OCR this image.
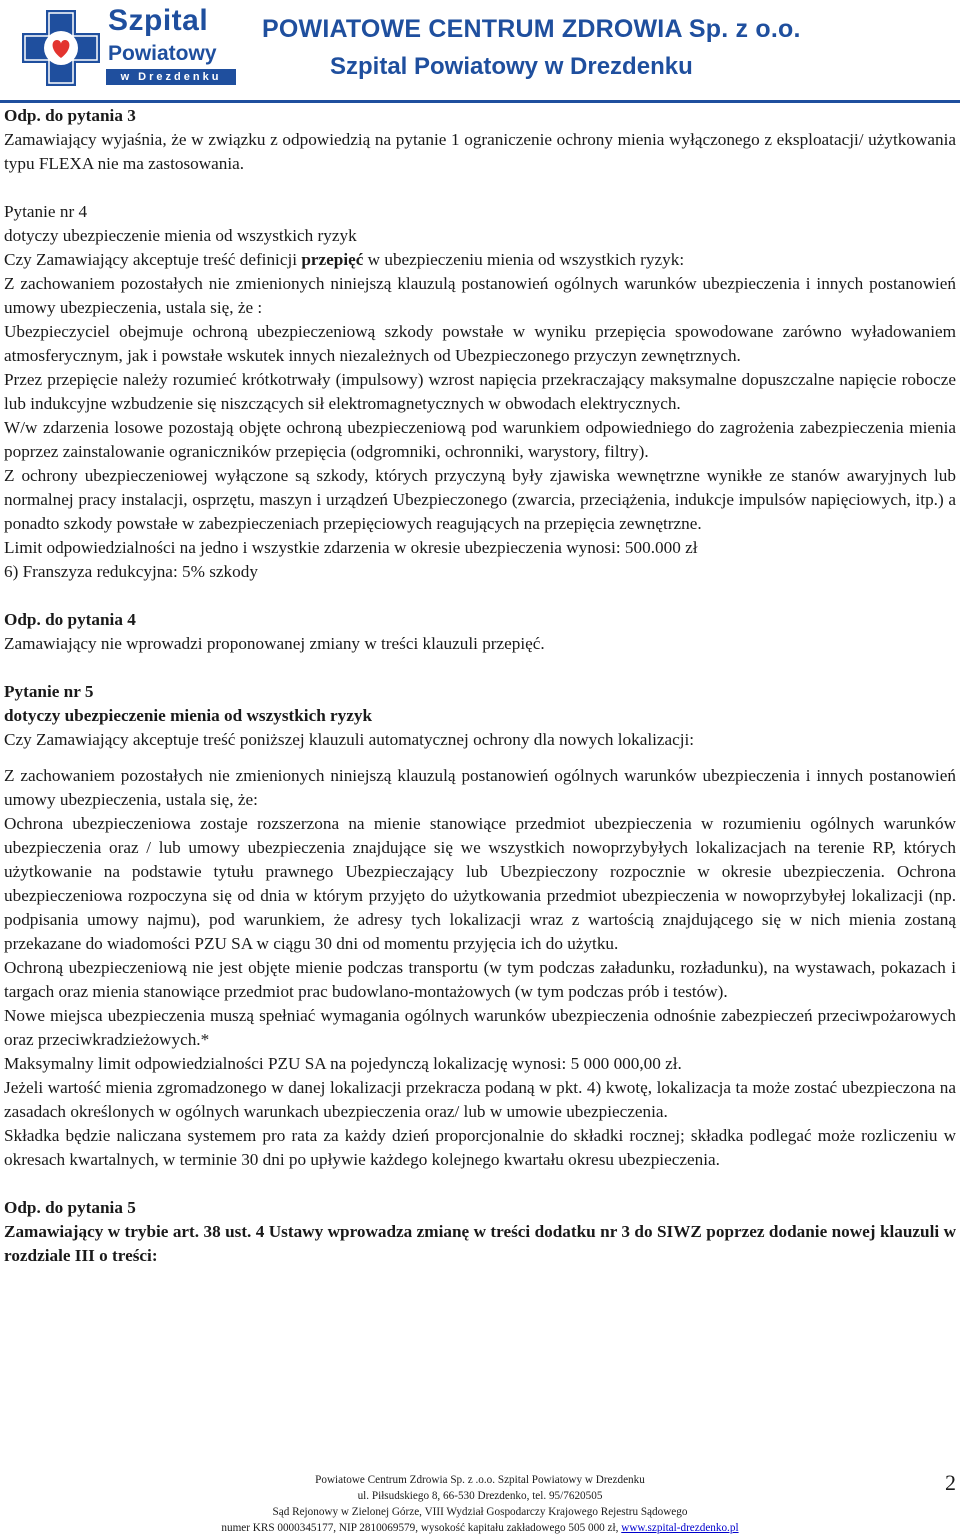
Szpital
Powiatowy
w Drezdenku
POWIATOWE CENTRUM ZDROWIA Sp. z o.o.
Szpital Powiatowy w Drezdenku

Odp. do pytania 3

Zamawiający wyjaśnia, że w związku z odpowiedzią na pytanie 1 ograniczenie ochrony mienia wyłączonego z eksploatacji/ użytkowania typu FLEXA nie ma zastosowania.

Pytanie nr 4

dotyczy ubezpieczenie mienia od wszystkich ryzyk

Czy Zamawiający akceptuje treść definicji przepięć w ubezpieczeniu mienia od wszystkich ryzyk:

Z zachowaniem pozostałych nie zmienionych niniejszą klauzulą postanowień ogólnych warunków ubezpieczenia i innych postanowień umowy ubezpieczenia, ustala się, że :

Ubezpieczyciel obejmuje ochroną ubezpieczeniową szkody powstałe w wyniku przepięcia spowodowane zarówno wyładowaniem atmosferycznym, jak i powstałe wskutek innych niezależnych od Ubezpieczonego przyczyn zewnętrznych.

Przez przepięcie należy rozumieć krótkotrwały (impulsowy) wzrost napięcia przekraczający maksymalne dopuszczalne napięcie robocze lub indukcyjne wzbudzenie się niszczących sił elektromagnetycznych w obwodach elektrycznych.

W/w zdarzenia losowe pozostają objęte ochroną ubezpieczeniową pod warunkiem odpowiedniego do zagrożenia zabezpieczenia mienia poprzez zainstalowanie ograniczników przepięcia (odgromniki, ochronniki, warystory, filtry).

Z ochrony ubezpieczeniowej wyłączone są szkody, których przyczyną były zjawiska wewnętrzne wynikłe ze stanów awaryjnych lub normalnej pracy instalacji, osprzętu, maszyn i urządzeń Ubezpieczonego (zwarcia, przeciążenia, indukcje impulsów napięciowych, itp.) a ponadto szkody powstałe w zabezpieczeniach przepięciowych reagujących na przepięcia zewnętrzne.

Limit odpowiedzialności na jedno i wszystkie zdarzenia w okresie ubezpieczenia wynosi: 500.000 zł

6) Franszyza redukcyjna: 5% szkody

Odp. do pytania 4

Zamawiający nie wprowadzi proponowanej zmiany w treści klauzuli przepięć.

Pytanie nr 5

dotyczy ubezpieczenie mienia od wszystkich ryzyk

Czy Zamawiający akceptuje treść poniższej klauzuli automatycznej ochrony dla nowych lokalizacji:

Z zachowaniem pozostałych nie zmienionych niniejszą klauzulą postanowień ogólnych warunków ubezpieczenia i innych postanowień umowy ubezpieczenia, ustala się, że:

Ochrona ubezpieczeniowa zostaje rozszerzona na mienie stanowiące przedmiot ubezpieczenia w rozumieniu ogólnych warunków ubezpieczenia oraz / lub umowy ubezpieczenia znajdujące się we wszystkich nowoprzybyłych lokalizacjach na terenie RP, których użytkowanie na podstawie tytułu prawnego Ubezpieczający lub Ubezpieczony rozpocznie w okresie ubezpieczenia. Ochrona ubezpieczeniowa rozpoczyna się od dnia w którym przyjęto do użytkowania przedmiot ubezpieczenia w nowoprzybyłej lokalizacji (np. podpisania umowy najmu), pod warunkiem, że adresy tych lokalizacji wraz z wartością znajdującego się w nich mienia zostaną przekazane do wiadomości PZU SA w ciągu 30 dni od momentu przyjęcia ich do użytku.

Ochroną ubezpieczeniową nie jest objęte mienie podczas transportu (w tym podczas załadunku, rozładunku), na wystawach, pokazach i targach oraz mienia stanowiące przedmiot prac budowlano-montażowych (w tym podczas prób i testów).

Nowe miejsca ubezpieczenia muszą spełniać wymagania ogólnych warunków ubezpieczenia odnośnie zabezpieczeń przeciwpożarowych oraz przeciwkradzieżowych.*

Maksymalny limit odpowiedzialności PZU SA na pojedynczą lokalizację wynosi: 5 000 000,00 zł.

Jeżeli wartość mienia zgromadzonego w danej lokalizacji przekracza podaną w pkt. 4) kwotę, lokalizacja ta może zostać ubezpieczona na zasadach określonych w ogólnych warunkach ubezpieczenia oraz/ lub w umowie ubezpieczenia.

Składka będzie naliczana systemem pro rata za każdy dzień proporcjonalnie do składki rocznej; składka podlegać może rozliczeniu w okresach kwartalnych, w terminie 30 dni po upływie każdego kolejnego kwartału okresu ubezpieczenia.

Odp. do pytania 5

Zamawiający w trybie art. 38 ust. 4 Ustawy wprowadza zmianę w treści dodatku nr 3 do SIWZ poprzez dodanie nowej klauzuli w rozdziale III o treści:

Powiatowe Centrum Zdrowia Sp. z .o.o. Szpital Powiatowy w Drezdenku
ul. Piłsudskiego 8, 66-530 Drezdenko, tel. 95/7620505
Sąd Rejonowy w Zielonej Górze, VIII Wydział Gospodarczy Krajowego Rejestru Sądowego
numer KRS 0000345177, NIP 2810069579, wysokość kapitału zakładowego 505 000 zł, www.szpital-drezdenko.pl
2
